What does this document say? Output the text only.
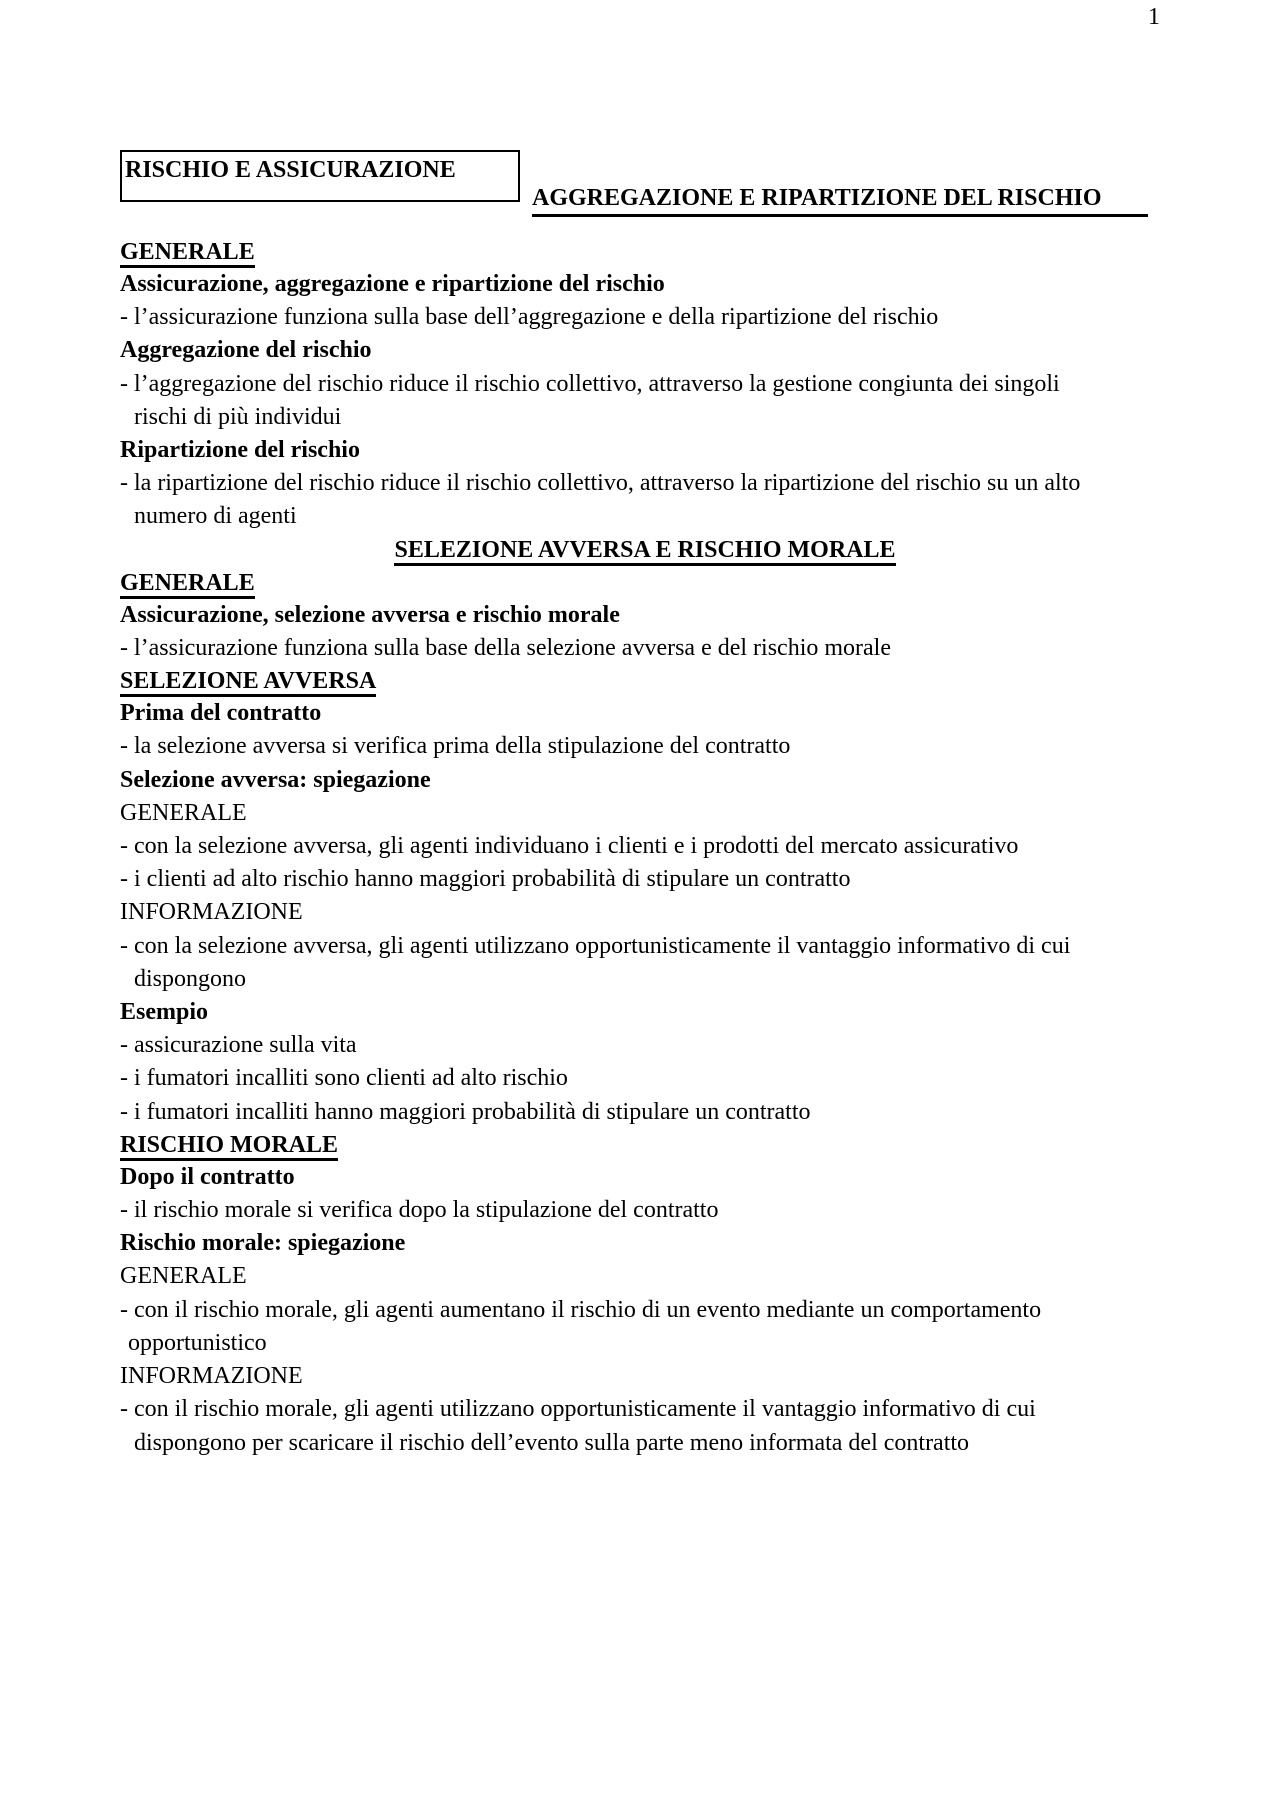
1
RISCHIO E ASSICURAZIONE
AGGREGAZIONE E RIPARTIZIONE DEL RISCHIO
GENERALE
Assicurazione, aggregazione e ripartizione del rischio
- l’assicurazione funziona sulla base dell’aggregazione e della ripartizione del rischio
Aggregazione del rischio
- l’aggregazione del rischio riduce il rischio collettivo, attraverso la gestione congiunta dei singoli
rischi di più individui
Ripartizione del rischio
- la ripartizione del rischio riduce il rischio collettivo, attraverso la ripartizione del rischio su un alto
numero di agenti
SELEZIONE AVVERSA E RISCHIO MORALE
GENERALE
Assicurazione, selezione avversa e rischio morale
- l’assicurazione funziona sulla base della selezione avversa e del rischio morale
SELEZIONE AVVERSA
Prima del contratto
- la selezione avversa si verifica prima della stipulazione del contratto
Selezione avversa: spiegazione
GENERALE
- con la selezione avversa, gli agenti individuano i clienti e i prodotti del mercato assicurativo
- i clienti ad alto rischio hanno maggiori probabilità di stipulare un contratto
INFORMAZIONE
- con la selezione avversa, gli agenti utilizzano opportunisticamente il vantaggio informativo di cui
dispongono
Esempio
- assicurazione sulla vita
- i fumatori incalliti sono clienti ad alto rischio
- i fumatori incalliti hanno maggiori probabilità di stipulare un contratto
RISCHIO MORALE
Dopo il contratto
- il rischio morale si verifica dopo la stipulazione del contratto
Rischio morale: spiegazione
GENERALE
- con il rischio morale, gli agenti aumentano il rischio di un evento mediante un comportamento
opportunistico
INFORMAZIONE
- con il rischio morale, gli agenti utilizzano opportunisticamente il vantaggio informativo di cui
dispongono per scaricare il rischio dell’evento sulla parte meno informata del contratto
